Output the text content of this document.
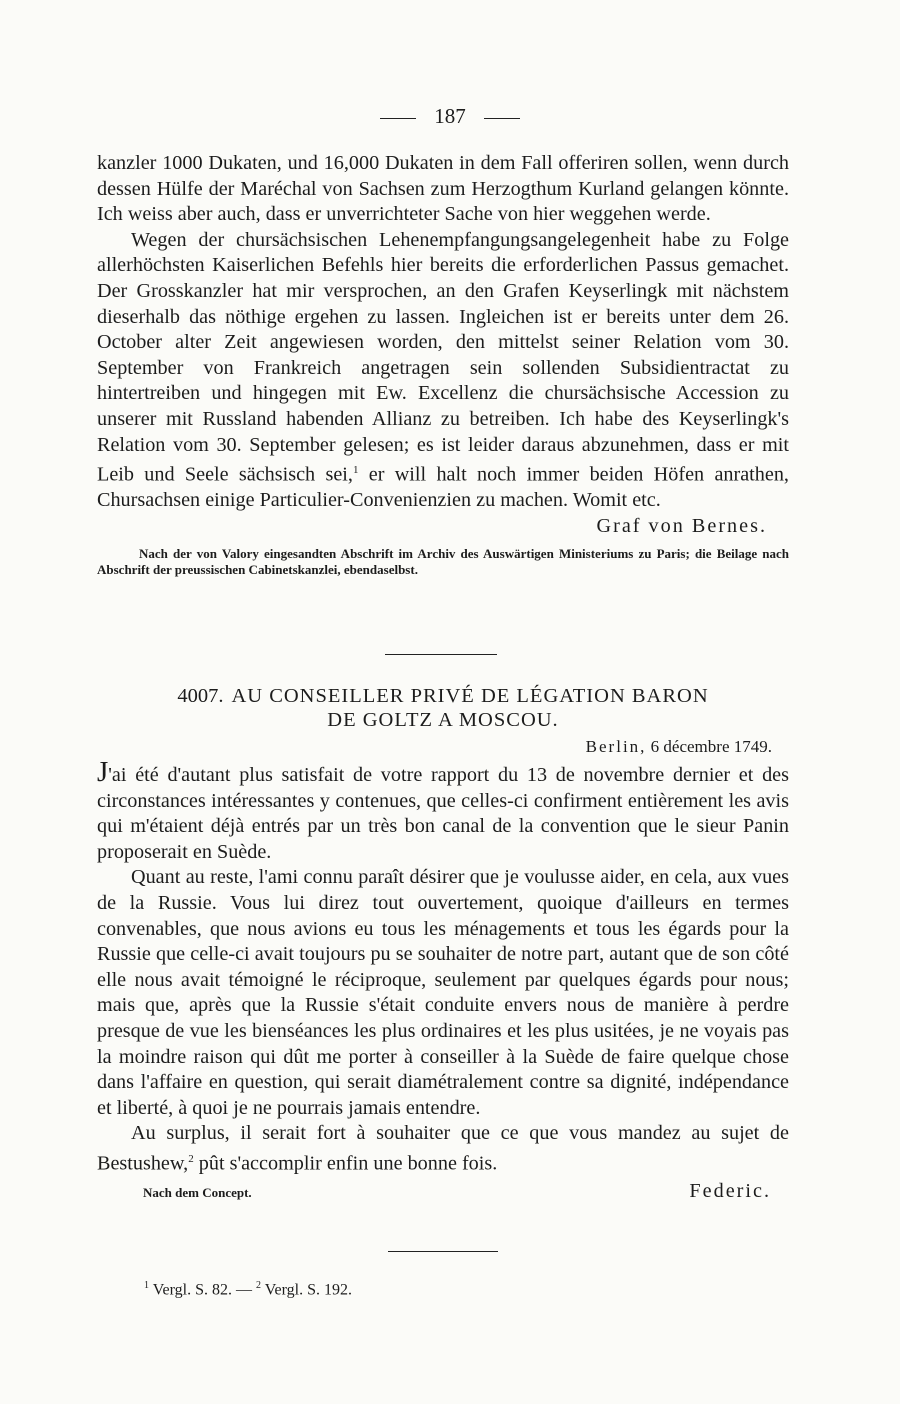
187

kanzler 1000 Dukaten, und 16,000 Dukaten in dem Fall offeriren sollen, wenn durch dessen Hülfe der Maréchal von Sachsen zum Herzogthum Kurland gelangen könnte. Ich weiss aber auch, dass er unverrichteter Sache von hier weggehen werde.

Wegen der chursächsischen Lehenempfangungsangelegenheit habe zu Folge allerhöchsten Kaiserlichen Befehls hier bereits die erforderlichen Passus gemachet. Der Grosskanzler hat mir versprochen, an den Grafen Keyserlingk mit nächstem dieserhalb das nöthige ergehen zu lassen. Ingleichen ist er bereits unter dem 26. October alter Zeit angewiesen worden, den mittelst seiner Relation vom 30. September von Frankreich angetragen sein sollenden Subsidientractat zu hintertreiben und hingegen mit Ew. Excellenz die chursächsische Accession zu unserer mit Russland habenden Allianz zu betreiben. Ich habe des Keyserlingk's Relation vom 30. September gelesen; es ist leider daraus abzunehmen, dass er mit Leib und Seele sächsisch sei,$^1$ er will halt noch immer beiden Höfen anrathen, Chursachsen einige Particulier-Convenienzien zu machen. Womit etc.

Graf von Bernes.

Nach der von Valory eingesandten Abschrift im Archiv des Auswärtigen Ministeriums zu Paris; die Beilage nach Abschrift der preussischen Cabinetskanzlei, ebendaselbst.

4007. AU CONSEILLER PRIVÉ DE LÉGATION BARON
DE GOLTZ A MOSCOU.
Berlin, 6 décembre 1749.

J'ai été d'autant plus satisfait de votre rapport du 13 de novembre dernier et des circonstances intéressantes y contenues, que celles-ci confirment entièrement les avis qui m'étaient déjà entrés par un très bon canal de la convention que le sieur Panin proposerait en Suède.

Quant au reste, l'ami connu paraît désirer que je voulusse aider, en cela, aux vues de la Russie. Vous lui direz tout ouvertement, quoique d'ailleurs en termes convenables, que nous avions eu tous les ménagements et tous les égards pour la Russie que celle-ci avait toujours pu se souhaiter de notre part, autant que de son côté elle nous avait témoigné le réciproque, seulement par quelques égards pour nous; mais que, après que la Russie s'était conduite envers nous de manière à perdre presque de vue les bienséances les plus ordinaires et les plus usitées, je ne voyais pas la moindre raison qui dût me porter à conseiller à la Suède de faire quelque chose dans l'affaire en question, qui serait diamétralement contre sa dignité, indépendance et liberté, à quoi je ne pourrais jamais entendre.

Au surplus, il serait fort à souhaiter que ce que vous mandez au sujet de Bestushew,$^2$ pût s'accomplir enfin une bonne fois.

Nach dem Concept.	Federic.
$^1$ Vergl. S. 82. — $^2$ Vergl. S. 192.
